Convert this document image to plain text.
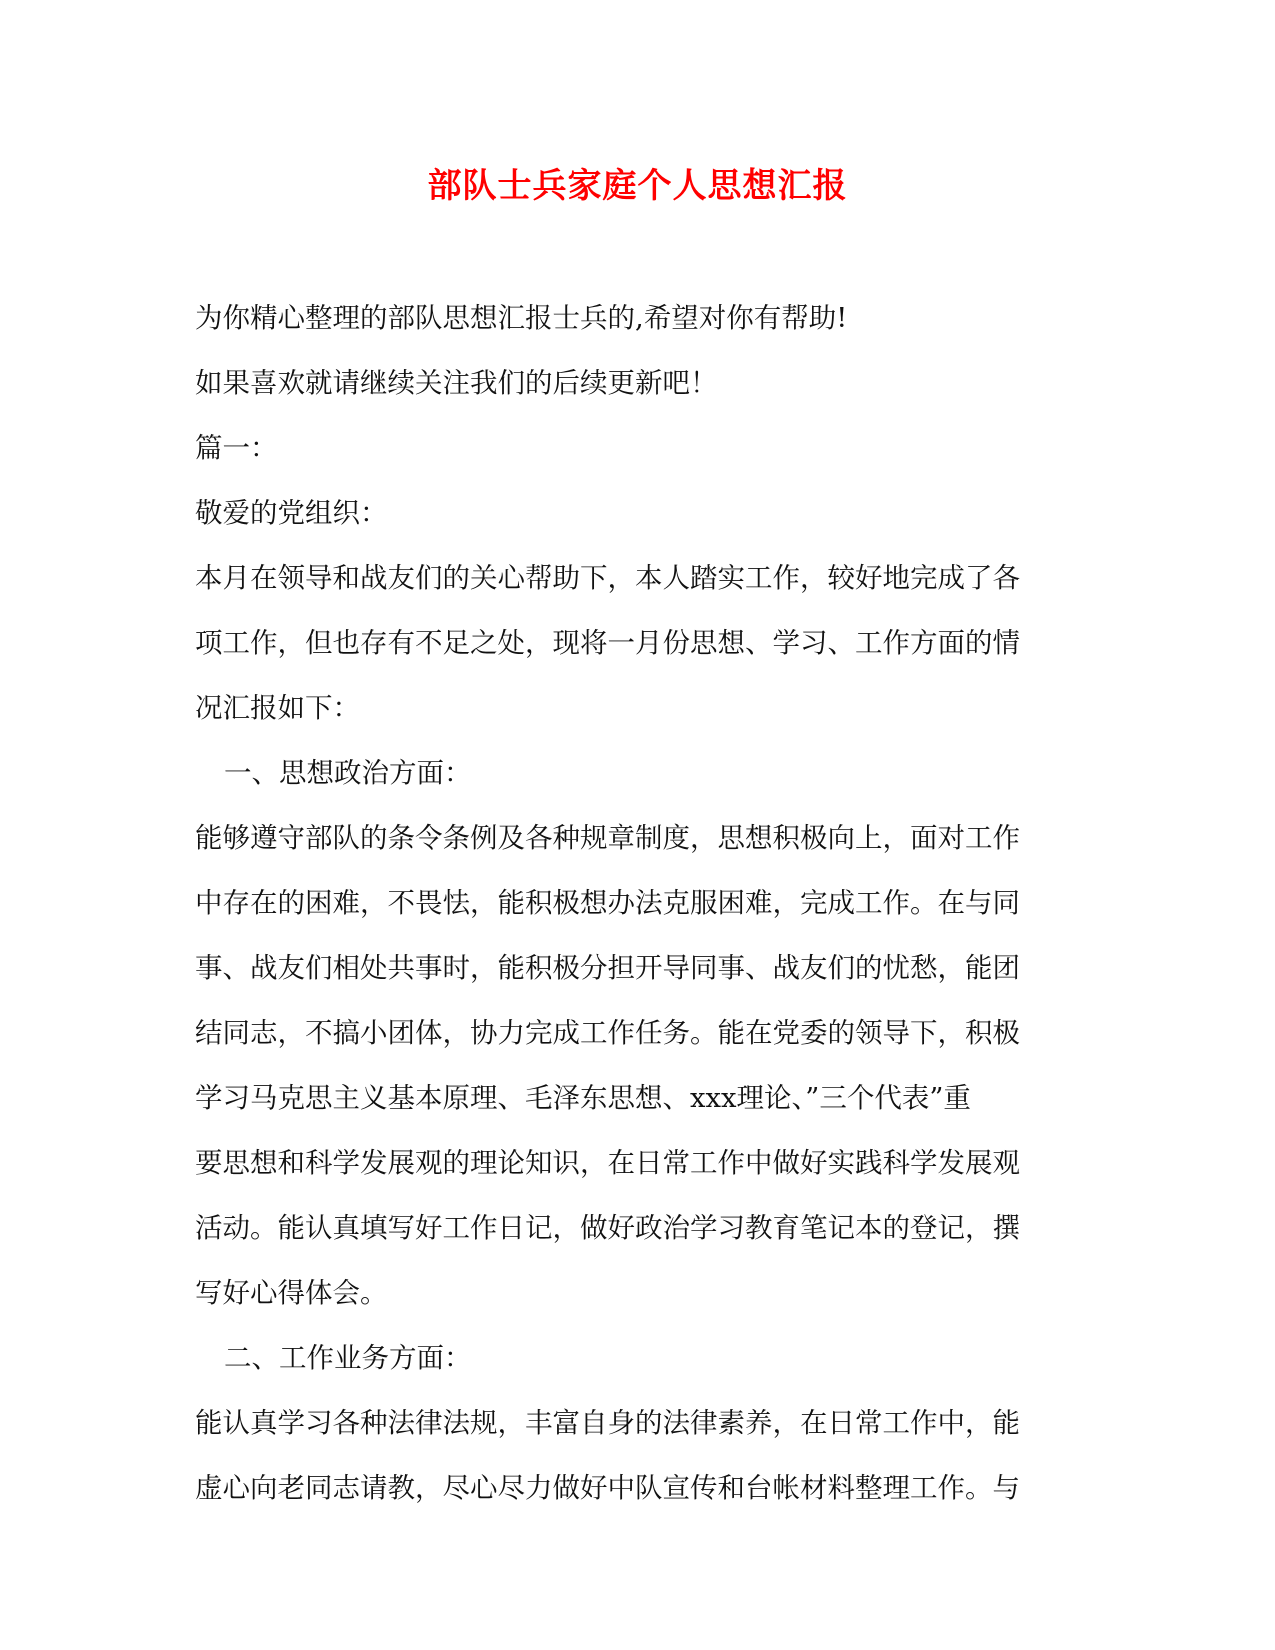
部队士兵家庭个人思想汇报
为你精心整理的部队思想汇报士兵的,希望对你有帮助!
如果喜欢就请继续关注我们的后续更新吧！
篇一：
敬爱的党组织：
本月在领导和战友们的关心帮助下，本人踏实工作，较好地完成了各
项工作，但也存有不足之处，现将一月份思想、学习、工作方面的情
况汇报如下：
一、思想政治方面：
能够遵守部队的条令条例及各种规章制度，思想积极向上，面对工作
中存在的困难，不畏怯，能积极想办法克服困难，完成工作。在与同
事、战友们相处共事时，能积极分担开导同事、战友们的忧愁，能团
结同志，不搞小团体，协力完成工作任务。能在党委的领导下，积极
学习马克思主义基本原理、毛泽东思想、xxx理论、”三个代表”重
要思想和科学发展观的理论知识，在日常工作中做好实践科学发展观
活动。能认真填写好工作日记，做好政治学习教育笔记本的登记，撰
写好心得体会。
二、工作业务方面：
能认真学习各种法律法规，丰富自身的法律素养，在日常工作中，能
虚心向老同志请教，尽心尽力做好中队宣传和台帐材料整理工作。与
